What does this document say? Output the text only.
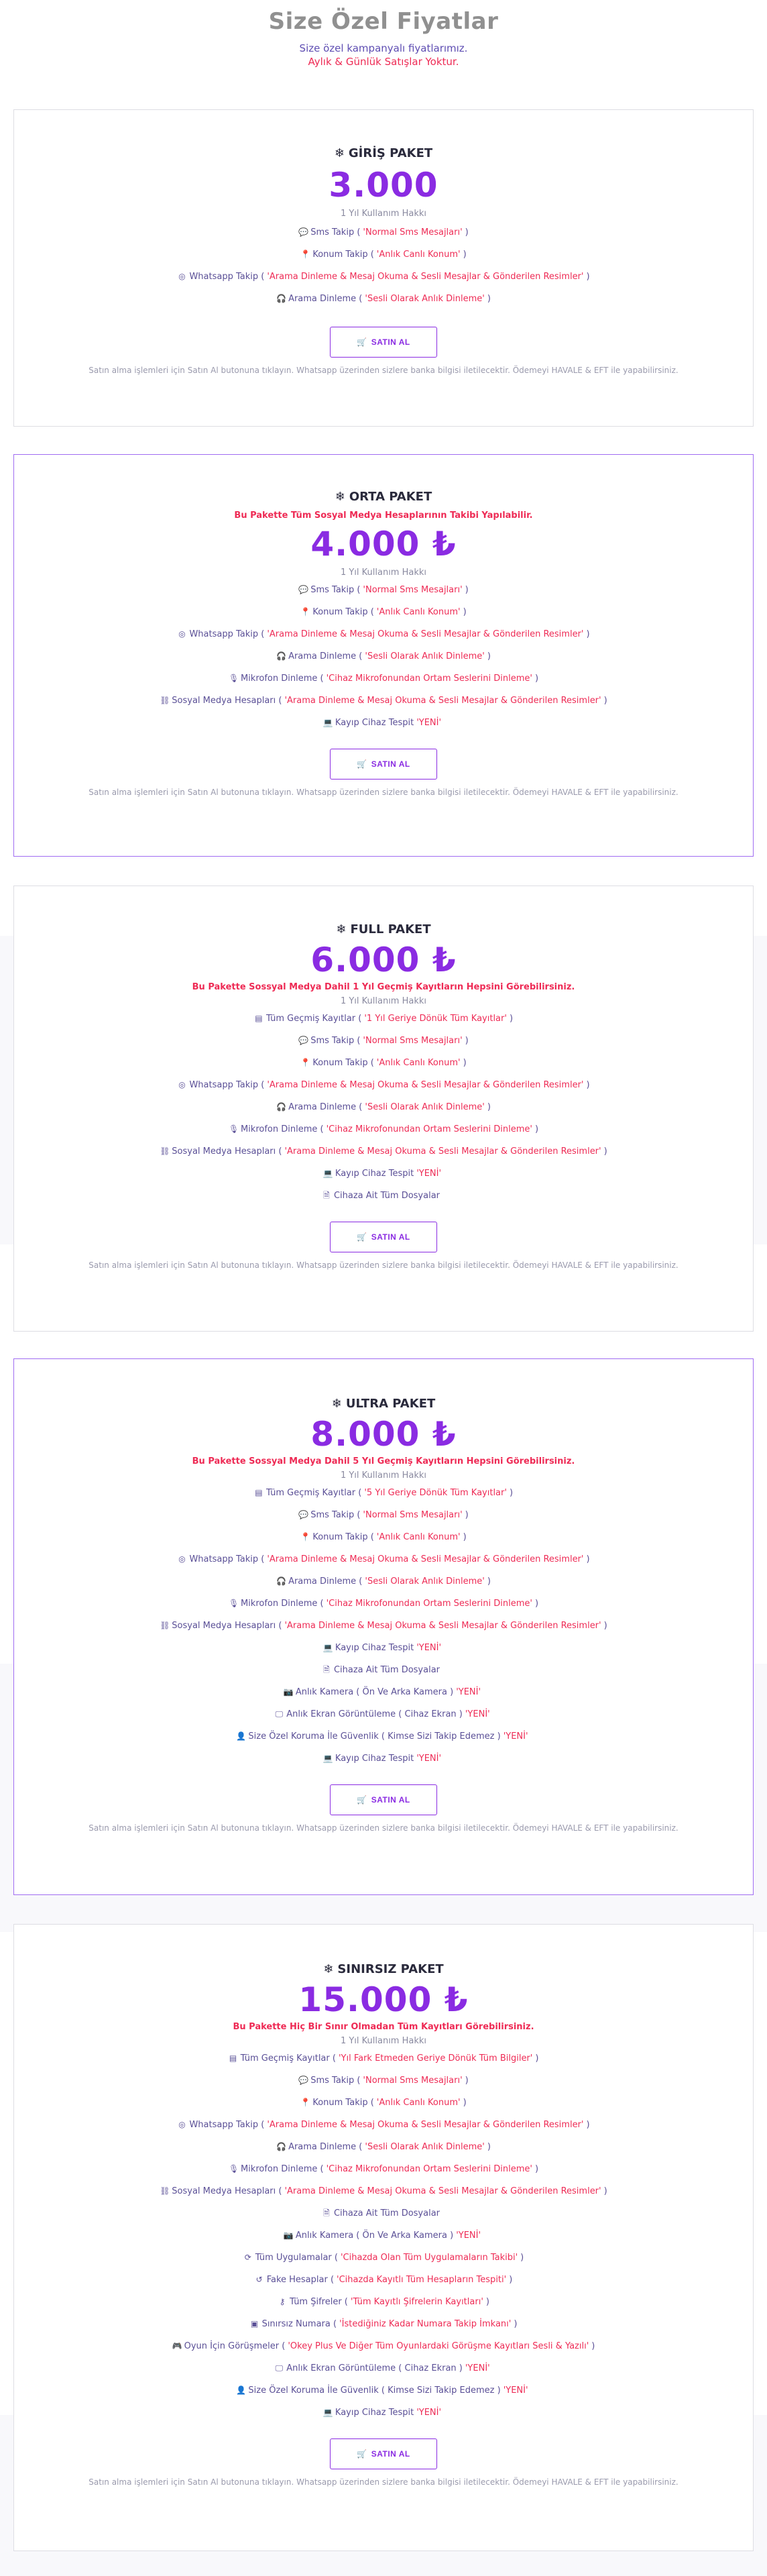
Size Özel Fiyatlar
Size özel kampanyalı fiyatlarımız.
Aylık & Günlük Satışlar Yoktur.
❄ GİRİŞ PAKET
3.000
1 Yıl Kullanım Hakkı
💬 Sms Takip ( 'Normal Sms Mesajları' )
📍 Konum Takip ( 'Anlık Canlı Konum' )
◎ Whatsapp Takip ( 'Arama Dinleme & Mesaj Okuma & Sesli Mesajlar & Gönderilen Resimler' )
🎧 Arama Dinleme ( 'Sesli Olarak Anlık Dinleme' )
🛒 SATIN AL
Satın alma işlemleri için Satın Al butonuna tıklayın. Whatsapp üzerinden sizlere banka bilgisi iletilecektir. Ödemeyi HAVALE & EFT ile yapabilirsiniz.
❄ ORTA PAKET
Bu Pakette Tüm Sosyal Medya Hesaplarının Takibi Yapılabilir.
4.000 ₺
1 Yıl Kullanım Hakkı
💬 Sms Takip ( 'Normal Sms Mesajları' )
📍 Konum Takip ( 'Anlık Canlı Konum' )
◎ Whatsapp Takip ( 'Arama Dinleme & Mesaj Okuma & Sesli Mesajlar & Gönderilen Resimler' )
🎧 Arama Dinleme ( 'Sesli Olarak Anlık Dinleme' )
🎙 Mikrofon Dinleme ( 'Cihaz Mikrofonundan Ortam Seslerini Dinleme' )
⛓ Sosyal Medya Hesapları ( 'Arama Dinleme & Mesaj Okuma & Sesli Mesajlar & Gönderilen Resimler' )
💻 Kayıp Cihaz Tespit 'YENİ'
🛒 SATIN AL
Satın alma işlemleri için Satın Al butonuna tıklayın. Whatsapp üzerinden sizlere banka bilgisi iletilecektir. Ödemeyi HAVALE & EFT ile yapabilirsiniz.
❄ FULL PAKET
6.000 ₺
Bu Pakette Sossyal Medya Dahil 1 Yıl Geçmiş Kayıtların Hepsini Görebilirsiniz.
1 Yıl Kullanım Hakkı
▤ Tüm Geçmiş Kayıtlar ( '1 Yıl Geriye Dönük Tüm Kayıtlar' )
💬 Sms Takip ( 'Normal Sms Mesajları' )
📍 Konum Takip ( 'Anlık Canlı Konum' )
◎ Whatsapp Takip ( 'Arama Dinleme & Mesaj Okuma & Sesli Mesajlar & Gönderilen Resimler' )
🎧 Arama Dinleme ( 'Sesli Olarak Anlık Dinleme' )
🎙 Mikrofon Dinleme ( 'Cihaz Mikrofonundan Ortam Seslerini Dinleme' )
⛓ Sosyal Medya Hesapları ( 'Arama Dinleme & Mesaj Okuma & Sesli Mesajlar & Gönderilen Resimler' )
💻 Kayıp Cihaz Tespit 'YENİ'
🗎 Cihaza Ait Tüm Dosyalar
🛒 SATIN AL
Satın alma işlemleri için Satın Al butonuna tıklayın. Whatsapp üzerinden sizlere banka bilgisi iletilecektir. Ödemeyi HAVALE & EFT ile yapabilirsiniz.
❄ ULTRA PAKET
8.000 ₺
Bu Pakette Sossyal Medya Dahil 5 Yıl Geçmiş Kayıtların Hepsini Görebilirsiniz.
1 Yıl Kullanım Hakkı
▤ Tüm Geçmiş Kayıtlar ( '5 Yıl Geriye Dönük Tüm Kayıtlar' )
💬 Sms Takip ( 'Normal Sms Mesajları' )
📍 Konum Takip ( 'Anlık Canlı Konum' )
◎ Whatsapp Takip ( 'Arama Dinleme & Mesaj Okuma & Sesli Mesajlar & Gönderilen Resimler' )
🎧 Arama Dinleme ( 'Sesli Olarak Anlık Dinleme' )
🎙 Mikrofon Dinleme ( 'Cihaz Mikrofonundan Ortam Seslerini Dinleme' )
⛓ Sosyal Medya Hesapları ( 'Arama Dinleme & Mesaj Okuma & Sesli Mesajlar & Gönderilen Resimler' )
💻 Kayıp Cihaz Tespit 'YENİ'
🗎 Cihaza Ait Tüm Dosyalar
📷 Anlık Kamera ( Ön Ve Arka Kamera ) 'YENİ'
🖵 Anlık Ekran Görüntüleme ( Cihaz Ekran ) 'YENİ'
👤 Size Özel Koruma İle Güvenlik ( Kimse Sizi Takip Edemez ) 'YENİ'
💻 Kayıp Cihaz Tespit 'YENİ'
🛒 SATIN AL
Satın alma işlemleri için Satın Al butonuna tıklayın. Whatsapp üzerinden sizlere banka bilgisi iletilecektir. Ödemeyi HAVALE & EFT ile yapabilirsiniz.
❄ SINIRSIZ PAKET
15.000 ₺
Bu Pakette Hiç Bir Sınır Olmadan Tüm Kayıtları Görebilirsiniz.
1 Yıl Kullanım Hakkı
▤ Tüm Geçmiş Kayıtlar ( 'Yıl Fark Etmeden Geriye Dönük Tüm Bilgiler' )
💬 Sms Takip ( 'Normal Sms Mesajları' )
📍 Konum Takip ( 'Anlık Canlı Konum' )
◎ Whatsapp Takip ( 'Arama Dinleme & Mesaj Okuma & Sesli Mesajlar & Gönderilen Resimler' )
🎧 Arama Dinleme ( 'Sesli Olarak Anlık Dinleme' )
🎙 Mikrofon Dinleme ( 'Cihaz Mikrofonundan Ortam Seslerini Dinleme' )
⛓ Sosyal Medya Hesapları ( 'Arama Dinleme & Mesaj Okuma & Sesli Mesajlar & Gönderilen Resimler' )
🗎 Cihaza Ait Tüm Dosyalar
📷 Anlık Kamera ( Ön Ve Arka Kamera ) 'YENİ'
⟳ Tüm Uygulamalar ( 'Cihazda Olan Tüm Uygulamaların Takibi' )
↺ Fake Hesaplar ( 'Cihazda Kayıtlı Tüm Hesapların Tespiti' )
⚷ Tüm Şifreler ( 'Tüm Kayıtlı Şifrelerin Kayıtları' )
▣ Sınırsız Numara ( 'İstediğiniz Kadar Numara Takip İmkanı' )
🎮 Oyun İçin Görüşmeler ( 'Okey Plus Ve Diğer Tüm Oyunlardaki Görüşme Kayıtları Sesli & Yazılı' )
🖵 Anlık Ekran Görüntüleme ( Cihaz Ekran ) 'YENİ'
👤 Size Özel Koruma İle Güvenlik ( Kimse Sizi Takip Edemez ) 'YENİ'
💻 Kayıp Cihaz Tespit 'YENİ'
🛒 SATIN AL
Satın alma işlemleri için Satın Al butonuna tıklayın. Whatsapp üzerinden sizlere banka bilgisi iletilecektir. Ödemeyi HAVALE & EFT ile yapabilirsiniz.
